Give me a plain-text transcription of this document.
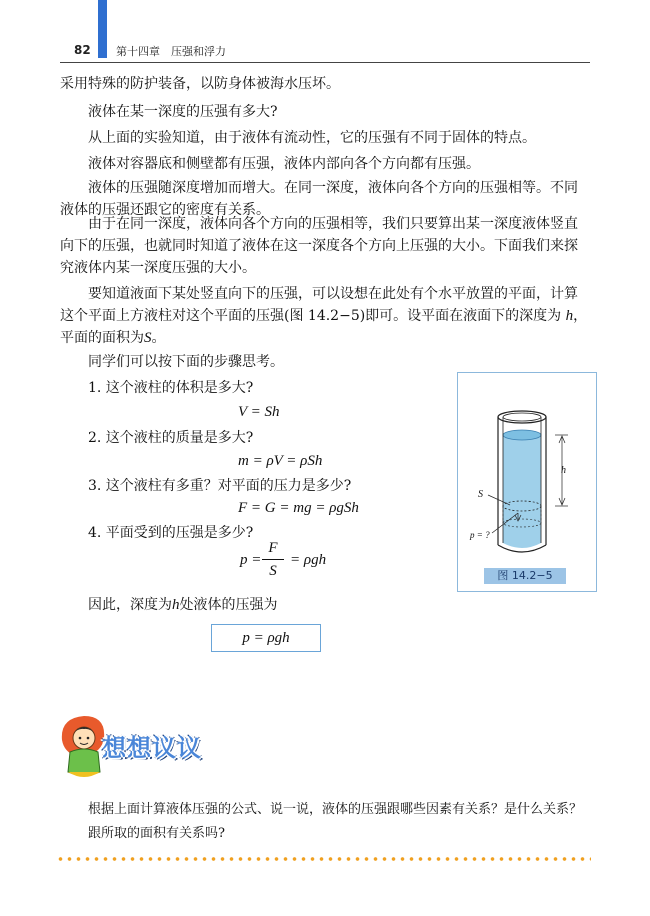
82 第十四章　压强和浮力

采用特殊的防护装备，以防身体被海水压坏。

液体在某一深度的压强有多大?

从上面的实验知道，由于液体有流动性，它的压强有不同于固体的特点。

液体对容器底和侧壁都有压强，液体内部向各个方向都有压强。

液体的压强随深度增加而增大。在同一深度，液体向各个方向的压强相等。不同液体的压强还跟它的密度有关系。

由于在同一深度，液体向各个方向的压强相等，我们只要算出某一深度液体竖直向下的压强，也就同时知道了液体在这一深度各个方向上压强的大小。下面我们来探究液体内某一深度压强的大小。

要知道液面下某处竖直向下的压强，可以设想在此处有个水平放置的平面，计算这个平面上方液柱对这个平面的压强(图 14.2−5)即可。设平面在液面下的深度为 h，平面的面积为S。

同学们可以按下面的步骤思考。

1. 这个液柱的体积是多大?
V = Sh
2. 这个液柱的质量是多大?
m = ρV = ρSh
3. 这个液柱有多重？对平面的压力是多少?
F = G = mg = ρgSh
4. 平面受到的压强是多少?
p =
F
S
= ρgh

因此，深度为h处液体的压强为

p = ρgh
h
S
p = ?
图 14.2−5
想想议议
根据上面计算液体压强的公式、说一说，液体的压强跟哪些因素有关系？是什么关系？跟所取的面积有关系吗?
